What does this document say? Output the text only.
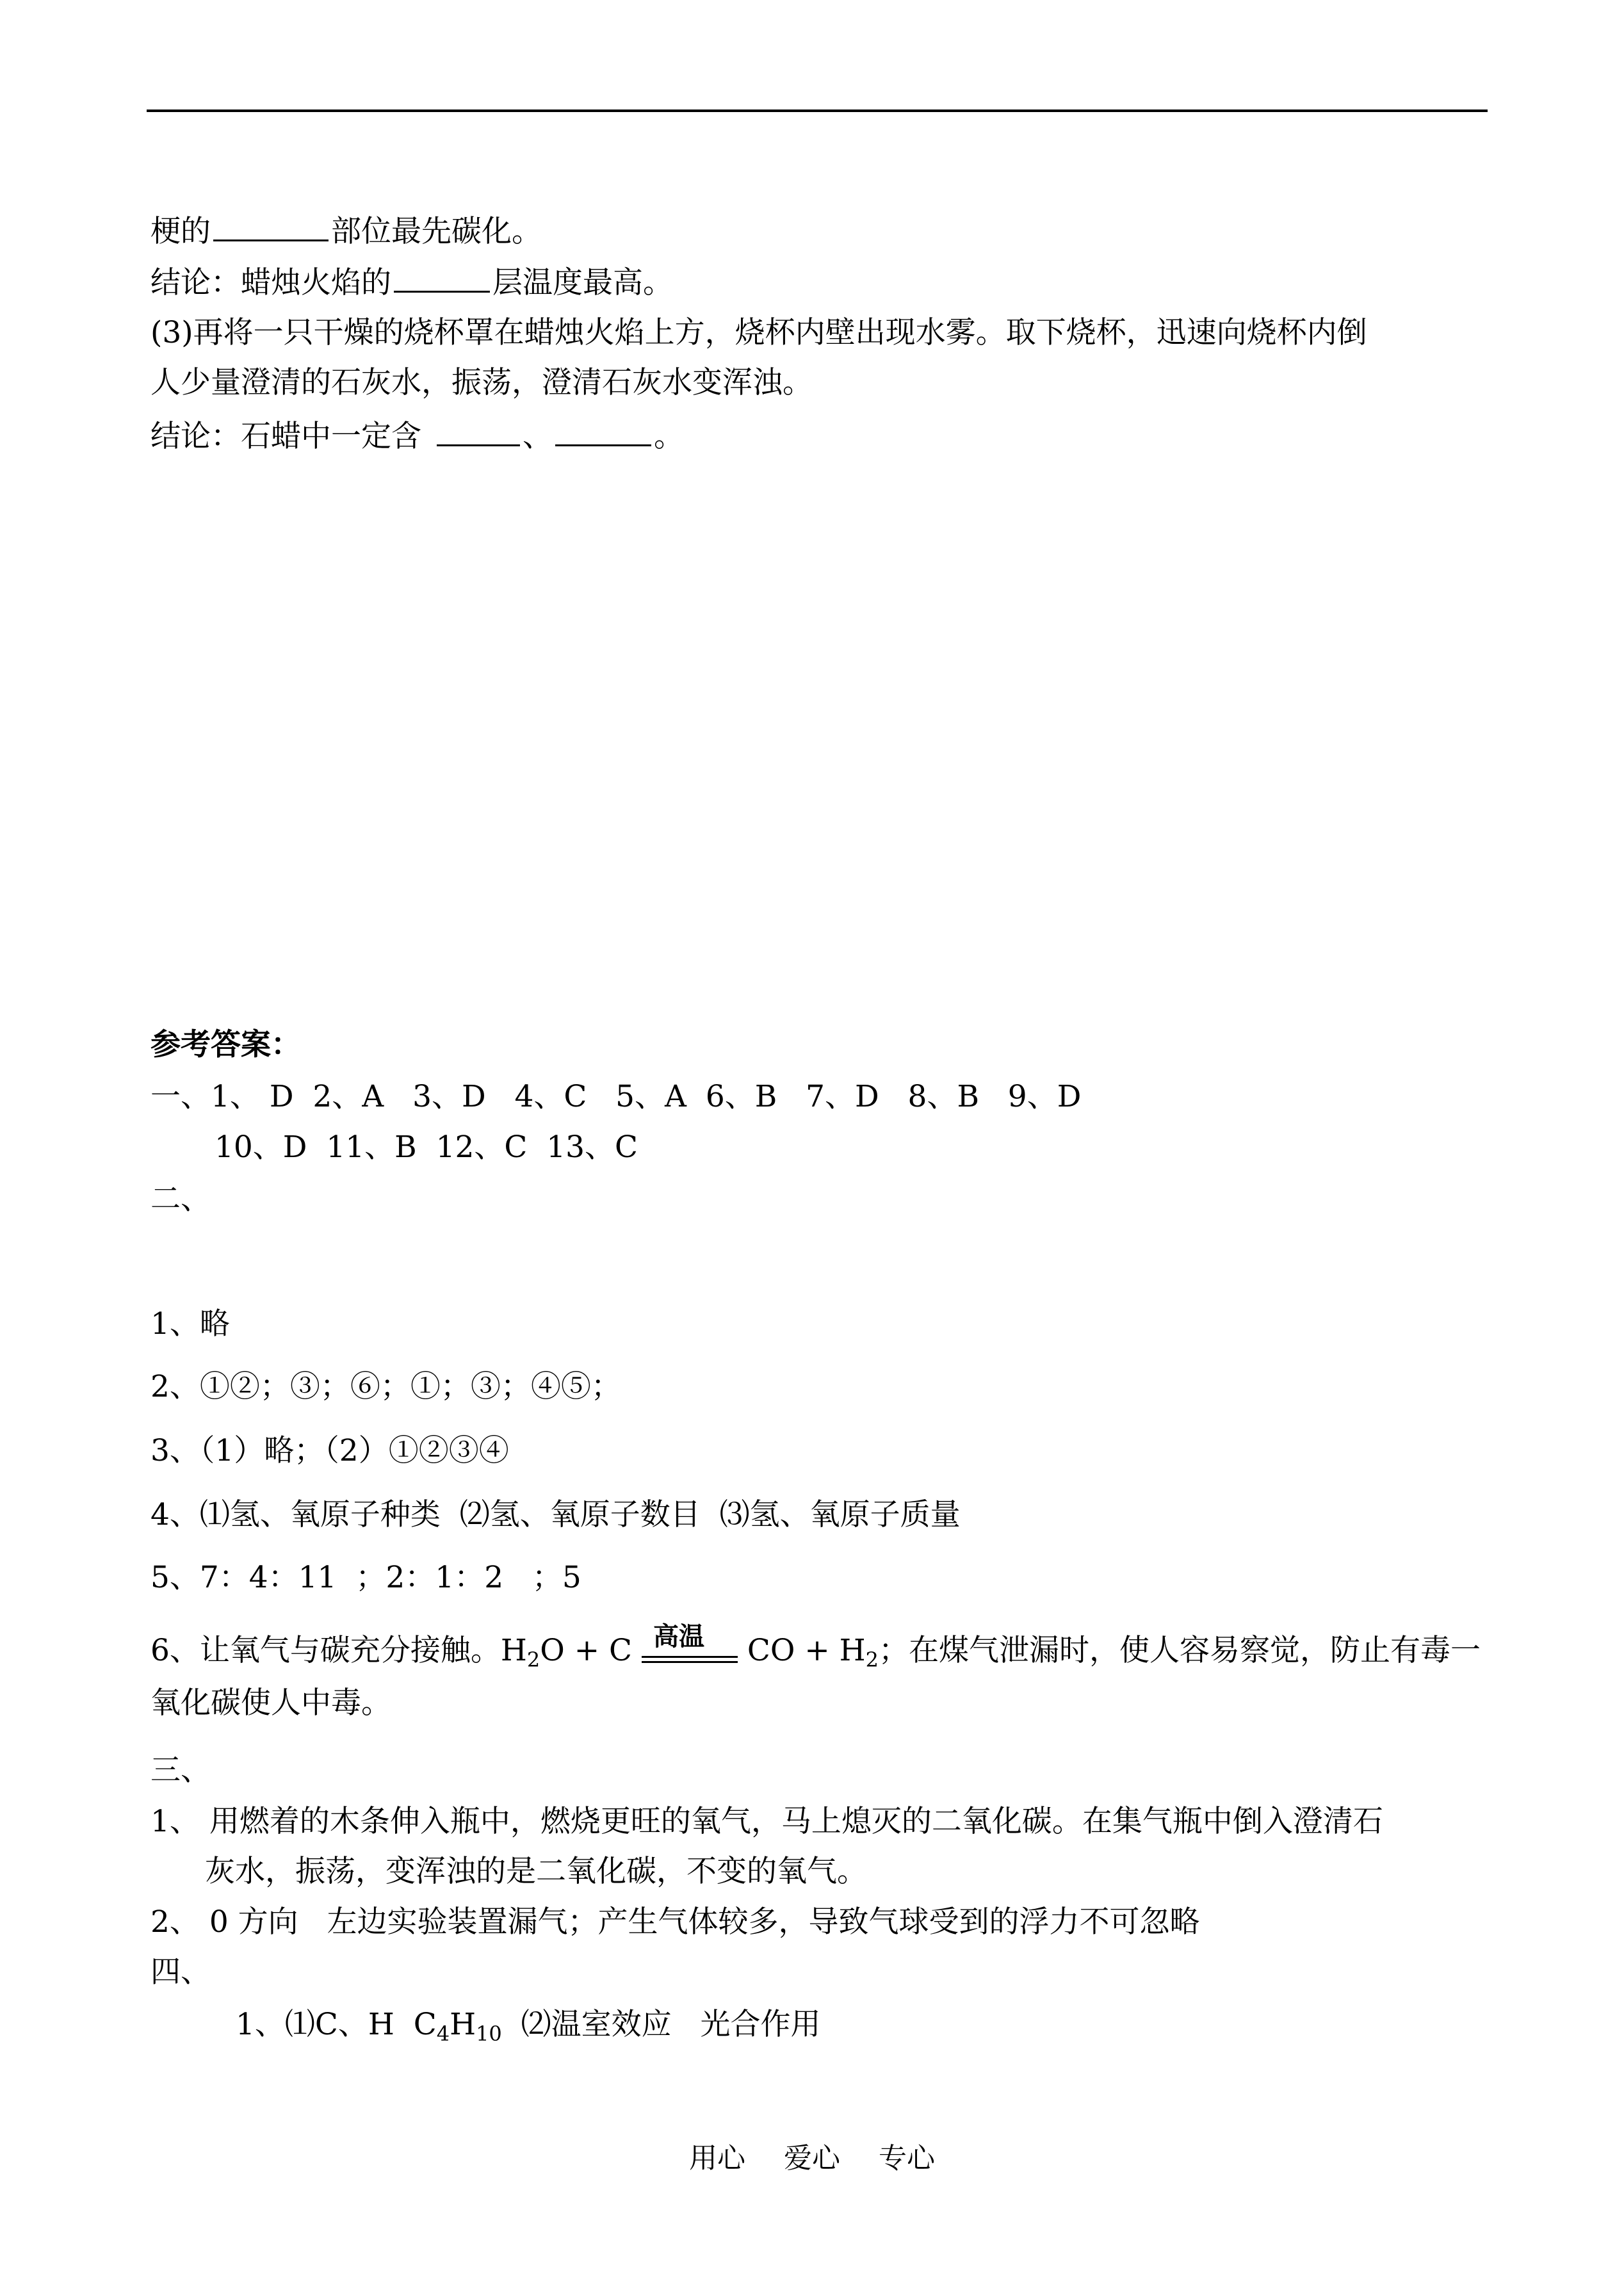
梗的	部位最先碳化。
结论：蜡烛火焰的	层温度最高。
(3)再将一只干燥的烧杯罩在蜡烛火焰上方，烧杯内壁出现水雾。取下烧杯，迅速向烧杯内倒
人少量澄清的石灰水，振荡，澄清石灰水变浑浊。
结论：石蜡中一定含	、	。
参考答案：
一、1、 D  2、A   3、D   4、C   5、A  6、B   7、D   8、B   9、D
10、D  11、B  12、C  13、C
二、
1、略
2、①②；③；⑥；①；③；④⑤；
3、（1）略；（2）①②③④
4、⑴氢、氧原子种类  ⑵氢、氧原子数目  ⑶氢、氧原子质量
5、7：4：11  ；2：1：2   ；5
6、让氧气与碳充分接触。$H_2O + C$ 高温 CO + $H_2$；在煤气泄漏时，使人容易察觉，防止有毒一
氧化碳使人中毒。
三、
1、 用燃着的木条伸入瓶中，燃烧更旺的氧气，马上熄灭的二氧化碳。在集气瓶中倒入澄清石
灰水，振荡，变浑浊的是二氧化碳，不变的氧气。
2、 0 方向   左边实验装置漏气；产生气体较多，导致气球受到的浮力不可忽略
四、
1、⑴C、H  $C_4H_{10}$  ⑵温室效应   光合作用
用心 爱心 专心
